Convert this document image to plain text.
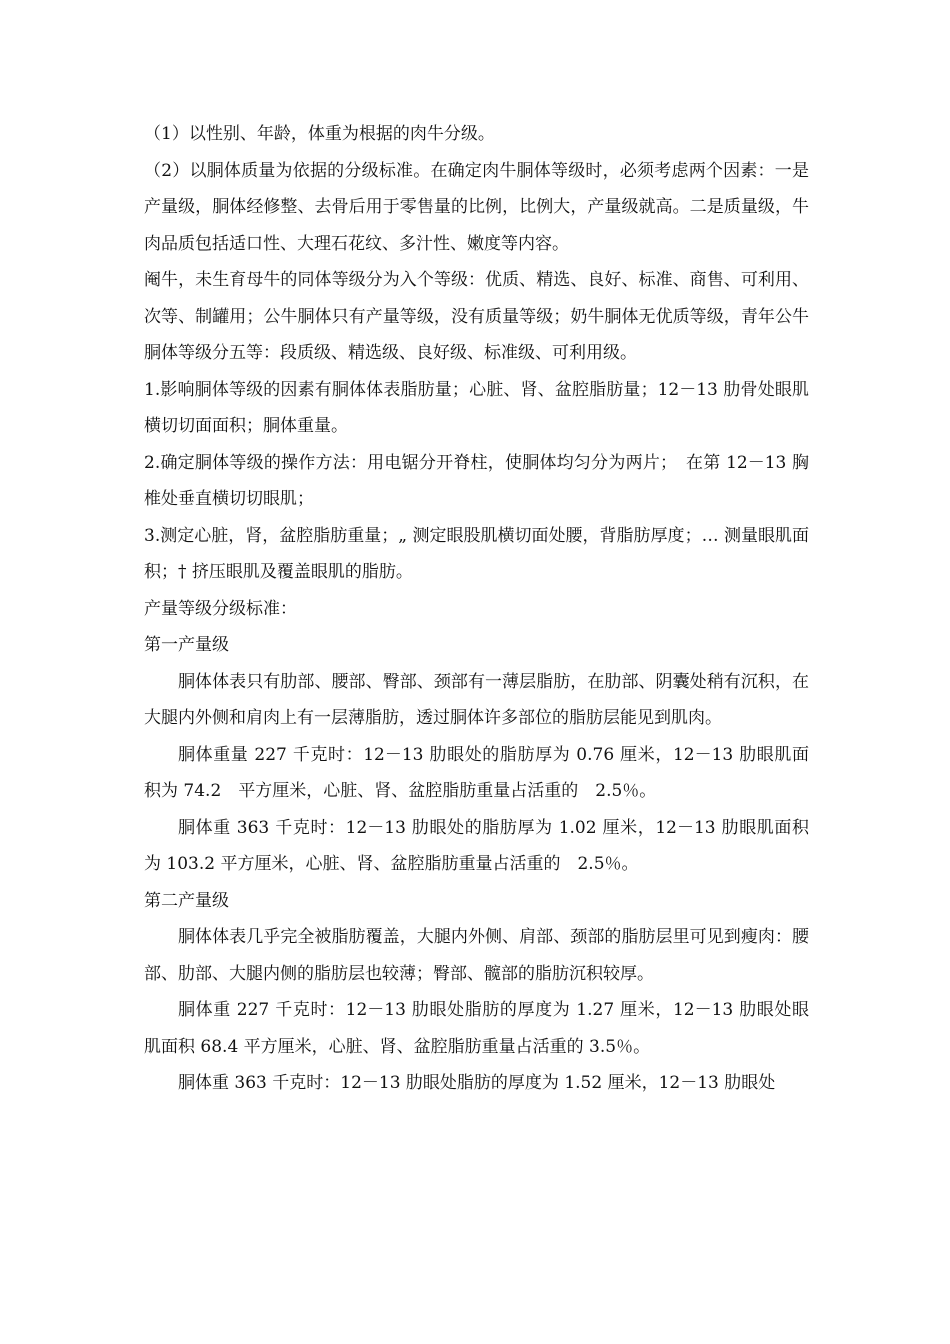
（1）以性别、年龄，体重为根据的肉牛分级。

（2）以胴体质量为依据的分级标准。在确定肉牛胴体等级时，必须考虑两个因素：一是产量级，胴体经修整、去骨后用于零售量的比例，比例大，产量级就高。二是质量级，牛肉品质包括适口性、大理石花纹、多汁性、嫩度等内容。

阉牛，未生育母牛的同体等级分为入个等级：优质、精选、良好、标准、商售、可利用、次等、制罐用；公牛胴体只有产量等级，没有质量等级；奶牛胴体无优质等级，青年公牛胴体等级分五等：段质级、精选级、良好级、标准级、可利用级。

1.影响胴体等级的因素有胴体体表脂肪量；心脏、肾、盆腔脂肪量；12－13 肋骨处眼肌横切切面面积；胴体重量。

2.确定胴体等级的操作方法：用电锯分开脊柱，使胴体均匀分为两片；　在第 12－13 胸椎处垂直横切切眼肌；

3.测定心脏，肾，盆腔脂肪重量；„ 测定眼股肌横切面处腰，背脂肪厚度；… 测量眼肌面积；† 挤压眼肌及覆盖眼肌的脂肪。

产量等级分级标准：

第一产量级

胴体体表只有肋部、腰部、臀部、颈部有一薄层脂肪，在肋部、阴囊处稍有沉积，在大腿内外侧和肩肉上有一层薄脂肪，透过胴体许多部位的脂肪层能见到肌肉。

胴体重量 227 千克时：12－13 肋眼处的脂肪厚为 0.76 厘米，12－13 肋眼肌面积为 74.2　平方厘米，心脏、肾、盆腔脂肪重量占活重的　2.5％。

胴体重 363 千克时：12－13 肋眼处的脂肪厚为 1.02 厘米，12－13 肋眼肌面积为 103.2 平方厘米，心脏、肾、盆腔脂肪重量占活重的　2.5％。

第二产量级

胴体体表几乎完全被脂肪覆盖，大腿内外侧、肩部、颈部的脂肪层里可见到瘦肉：腰部、肋部、大腿内侧的脂肪层也较薄；臀部、髋部的脂肪沉积较厚。

胴体重 227 千克时：12－13 肋眼处脂肪的厚度为 1.27 厘米，12－13 肋眼处眼肌面积 68.4 平方厘米，心脏、肾、盆腔脂肪重量占活重的 3.5％。

胴体重 363 千克时：12－13 肋眼处脂肪的厚度为 1.52 厘米，12－13 肋眼处
